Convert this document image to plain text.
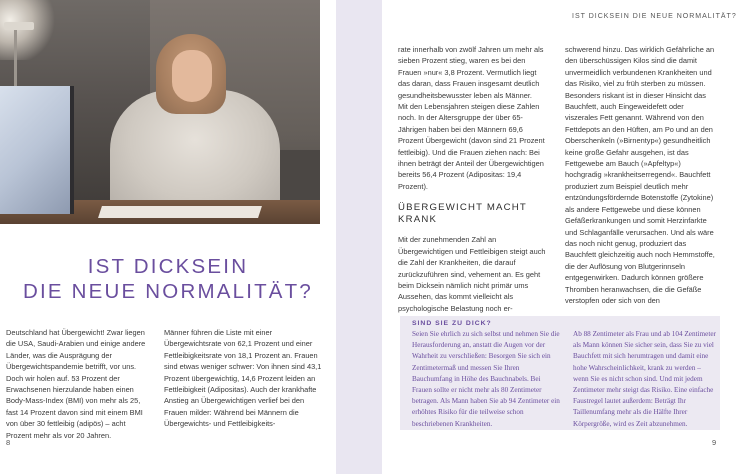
IST DICKSEIN
DIE NEUE NORMALITÄT?

Deutschland hat Übergewicht! Zwar liegen die USA, Saudi-Arabien und einige andere Länder, was die Ausprägung der Übergewichtspandemie betrifft, vor uns. Doch wir holen auf. 53 Prozent der Erwachsenen hierzulande haben einen Body-Mass-Index (BMI) von mehr als 25, fast 14 Prozent davon sind mit einem BMI von über 30 fettleibig (adipös) – acht Prozent mehr als vor 20 Jahren.

Männer führen die Liste mit einer Übergewichtsrate von 62,1 Prozent und einer Fettleibigkeitsrate von 18,1 Prozent an. Frauen sind etwas weniger schwer: Von ihnen sind 43,1 Prozent übergewichtig, 14,6 Prozent leiden an Fettleibigkeit (Adipositas). Auch der krankhafte Anstieg an Übergewichtigen verlief bei den Frauen milder: Während bei Männern die Übergewichts- und Fettleibigkeits-

8
IST DICKSEIN DIE NEUE NORMALITÄT?

rate innerhalb von zwölf Jahren um mehr als sieben Prozent stieg, waren es bei den Frauen »nur« 3,8 Prozent. Vermutlich liegt das daran, dass Frauen insgesamt deutlich gesundheitsbewusster leben als Männer.

Mit den Lebensjahren steigen diese Zahlen noch. In der Altersgruppe der über 65-Jährigen haben bei den Männern 69,6 Prozent Übergewicht (davon sind 21 Prozent fettleibig). Und die Frauen ziehen nach: Bei ihnen beträgt der Anteil der Übergewichtigen bereits 56,4 Prozent (Adipositas: 19,4 Prozent).

ÜBERGEWICHT MACHT KRANK

Mit der zunehmenden Zahl an Übergewichtigen und Fettleibigen steigt auch die Zahl der Krankheiten, die darauf zurückzuführen sind, vehement an. Es geht beim Dicksein nämlich nicht primär ums Aussehen, das kommt vielleicht als psychologische Belastung noch er-

schwerend hinzu. Das wirklich Gefährliche an den überschüssigen Kilos sind die damit unvermeidlich verbundenen Krankheiten und das Risiko, viel zu früh sterben zu müssen. Besonders riskant ist in dieser Hinsicht das Bauchfett, auch Eingeweidefett oder viszerales Fett genannt. Während von den Fettdepots an den Hüften, am Po und an den Oberschenkeln (»Birnentyp«) gesundheitlich keine große Gefahr ausgehen, ist das Fettgewebe am Bauch (»Apfeltyp«) hochgradig »krankheitserregend«. Bauchfett produziert zum Beispiel deutlich mehr entzündungsfördernde Botenstoffe (Zytokine) als andere Fettgewebe und diese können Gefäßerkrankungen und somit Herzinfarkte und Schlaganfälle verursachen. Und als wäre das noch nicht genug, produziert das Bauchfett gleichzeitig auch noch Hemmstoffe, die der Auflösung von Blutgerinnseln entgegenwirken. Dadurch können größere Thromben heranwachsen, die die Gefäße verstopfen oder sich von den

SIND SIE ZU DICK?
Seien Sie ehrlich zu sich selbst und nehmen Sie die Herausforderung an, anstatt die Augen vor der Wahrheit zu verschließen: Besorgen Sie sich ein Zentimetermaß und messen Sie Ihren Bauchumfang in Höhe des Bauchnabels. Bei Frauen sollte er nicht mehr als 80 Zentimeter betragen. Als Mann haben Sie ab 94 Zentimeter ein erhöhtes Risiko für die teilweise schon beschriebenen Krankheiten.
Ab 88 Zentimeter als Frau und ab 104 Zentimeter als Mann können Sie sicher sein, dass Sie zu viel Bauchfett mit sich herumtragen und damit eine hohe Wahrscheinlichkeit, krank zu werden – wenn Sie es nicht schon sind. Und mit jedem Zentimeter mehr steigt das Risiko. Eine einfache Faustregel lautet außerdem: Beträgt Ihr Taillenumfang mehr als die Hälfte Ihrer Körpergröße, wird es Zeit abzunehmen.
9
